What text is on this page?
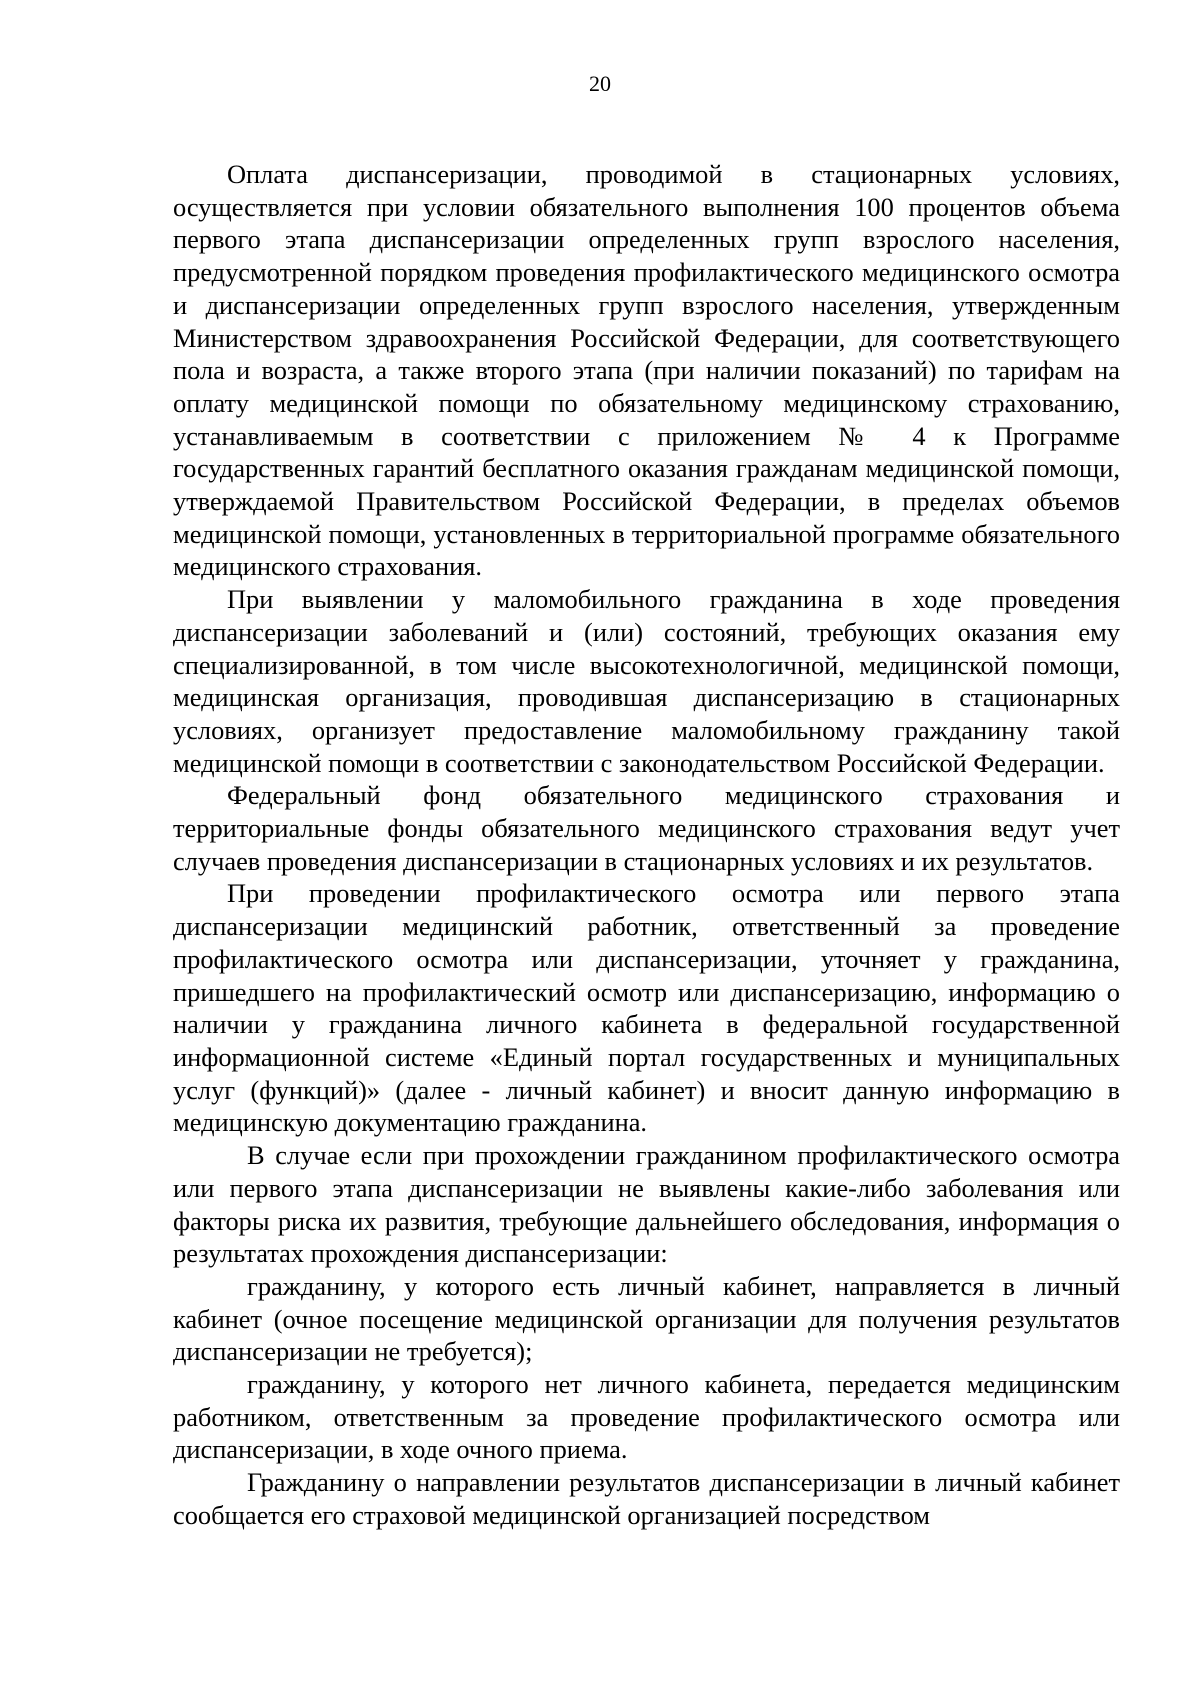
20

Оплата диспансеризации, проводимой в стационарных условиях, осуществляется при условии обязательного выполнения 100 процентов объема первого этапа диспансеризации определенных групп взрослого населения, предусмотренной порядком проведения профилактического медицинского осмотра и диспансеризации определенных групп взрослого населения, утвержденным Министерством здравоохранения Российской Федерации, для соответствующего пола и возраста, а также второго этапа (при наличии показаний) по тарифам на оплату медицинской помощи по обязательному медицинскому страхованию, устанавливаемым в соответствии с приложением № 4 к Программе государственных гарантий бесплатного оказания гражданам медицинской помощи, утверждаемой Правительством Российской Федерации, в пределах объемов медицинской помощи, установленных в территориальной программе обязательного медицинского страхования.

При выявлении у маломобильного гражданина в ходе проведения диспансеризации заболеваний и (или) состояний, требующих оказания ему специализированной, в том числе высокотехнологичной, медицинской помощи, медицинская организация, проводившая диспансеризацию в стационарных условиях, организует предоставление маломобильному гражданину такой медицинской помощи в соответствии с законодательством Российской Федерации.

Федеральный фонд обязательного медицинского страхования и территориальные фонды обязательного медицинского страхования ведут учет случаев проведения диспансеризации в стационарных условиях и их результатов.

При проведении профилактического осмотра или первого этапа диспансеризации медицинский работник, ответственный за проведение профилактического осмотра или диспансеризации, уточняет у гражданина, пришедшего на профилактический осмотр или диспансеризацию, информацию о наличии у гражданина личного кабинета в федеральной государственной информационной системе «Единый портал государственных и муниципальных услуг (функций)» (далее - личный кабинет) и вносит данную информацию в медицинскую документацию гражданина.

В случае если при прохождении гражданином профилактического осмотра или первого этапа диспансеризации не выявлены какие-либо заболевания или факторы риска их развития, требующие дальнейшего обследования, информация о результатах прохождения диспансеризации:

гражданину, у которого есть личный кабинет, направляется в личный кабинет (очное посещение медицинской организации для получения результатов диспансеризации не требуется);

гражданину, у которого нет личного кабинета, передается медицинским работником, ответственным за проведение профилактического осмотра или диспансеризации, в ходе очного приема.

Гражданину о направлении результатов диспансеризации в личный кабинет сообщается его страховой медицинской организацией посредством
